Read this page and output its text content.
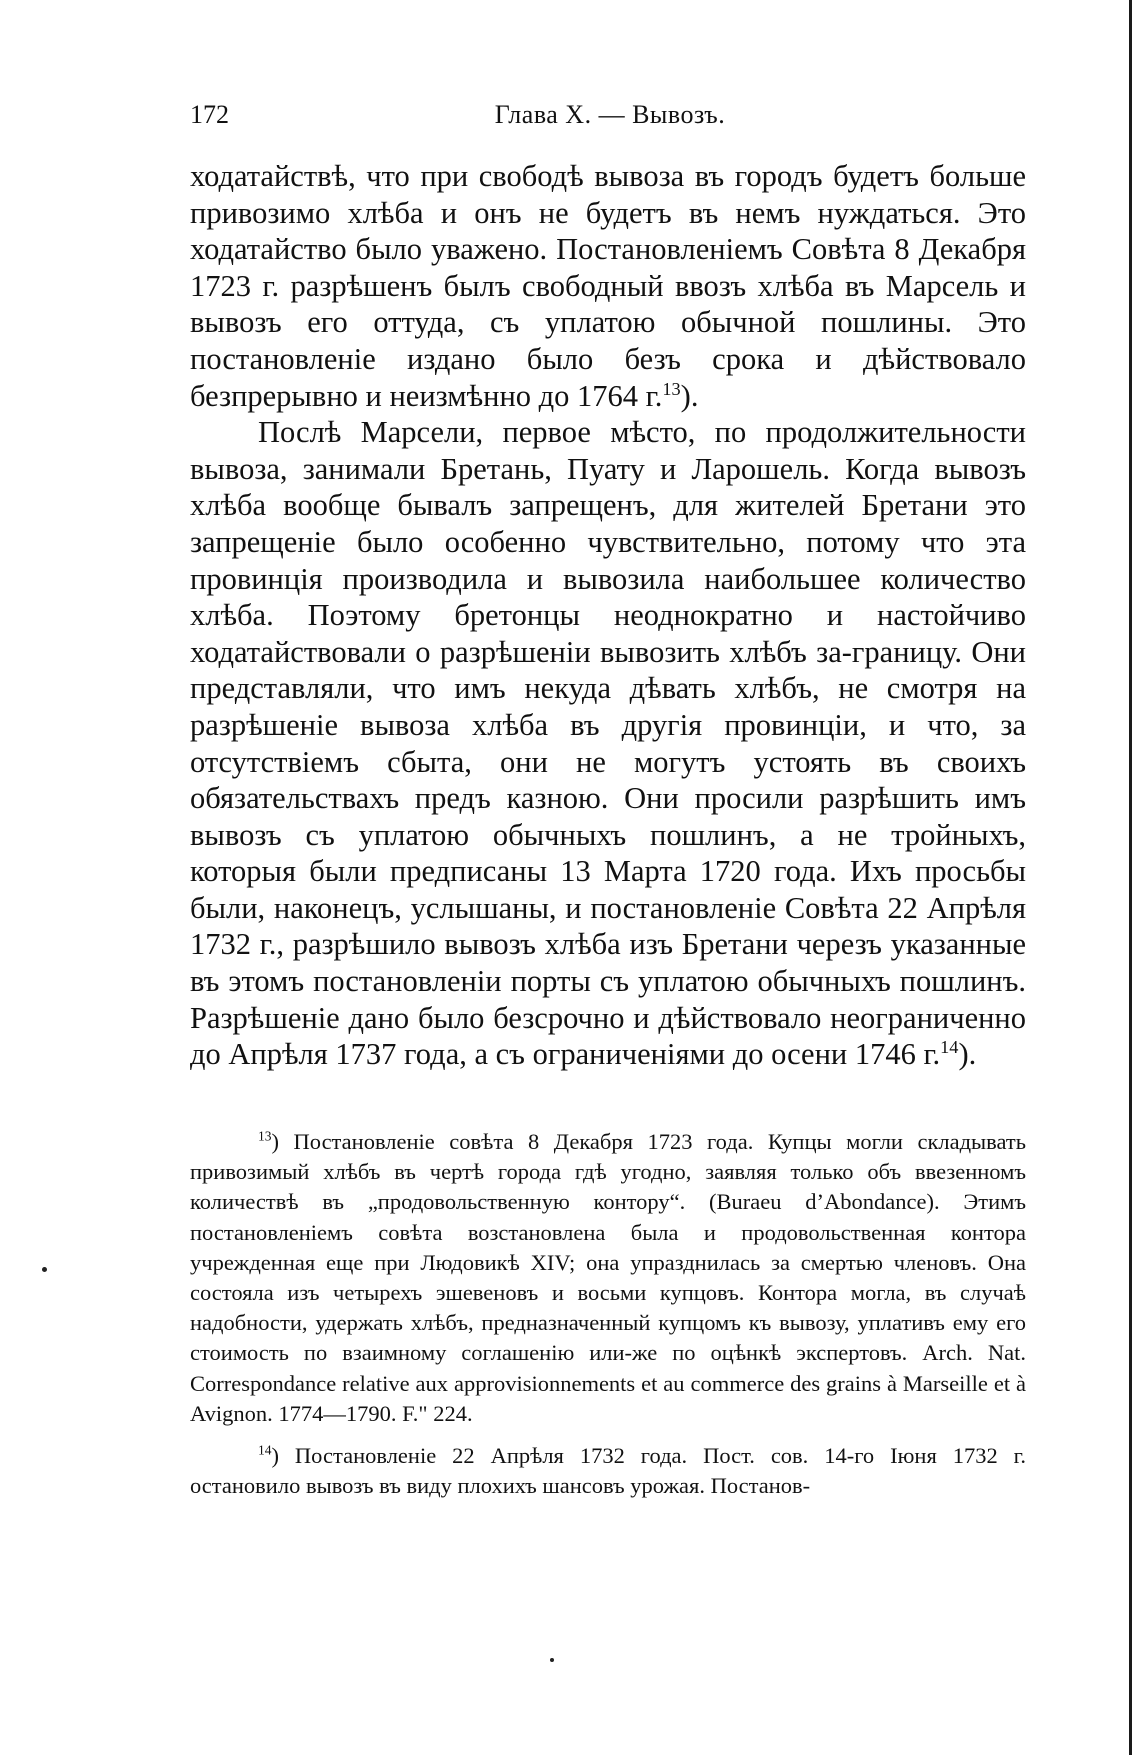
172	Глава X. — Вывозъ.

ходатайствѣ, что при свободѣ вывоза въ городъ будетъ больше привозимо хлѣба и онъ не будетъ въ немъ нуждаться. Это ходатайство было уважено. Постановленіемъ Совѣта 8 Декабря 1723 г. разрѣшенъ былъ свободный ввозъ хлѣба въ Марсель и вывозъ его оттуда, съ уплатою обычной пошлины. Это постановленіе издано было безъ срока и дѣйствовало безпрерывно и неизмѣнно до 1764 г.$^{13}$).

Послѣ Марсели, первое мѣсто, по продолжительности вывоза, занимали Бретань, Пуату и Ларошель. Когда вывозъ хлѣба вообще бывалъ запрещенъ, для жителей Бретани это запрещеніе было особенно чувствительно, потому что эта провинція производила и вывозила наибольшее количество хлѣба. Поэтому бретонцы неоднократно и настойчиво ходатайствовали о разрѣшеніи вывозить хлѣбъ за-границу. Они представляли, что имъ некуда дѣвать хлѣбъ, не смотря на разрѣшеніе вывоза хлѣба въ другія провинціи, и что, за отсутствіемъ сбыта, они не могутъ устоять въ своихъ обязательствахъ предъ казною. Они просили разрѣшить имъ вывозъ съ уплатою обычныхъ пошлинъ, а не тройныхъ, которыя были предписаны 13 Марта 1720 года. Ихъ просьбы были, наконецъ, услышаны, и постановленіе Совѣта 22 Апрѣля 1732 г., разрѣшило вывозъ хлѣба изъ Бретани черезъ указанные въ этомъ постановленіи порты съ уплатою обычныхъ пошлинъ. Разрѣшеніе дано было безсрочно и дѣйствовало неограниченно до Апрѣля 1737 года, а съ ограниченіями до осени 1746 г.$^{14}$).

$^{13}$) Постановленіе совѣта 8 Декабря 1723 года. Купцы могли складывать привозимый хлѣбъ въ чертѣ города гдѣ угодно, заявляя только объ ввезенномъ количествѣ въ „продовольственную контору“. (Buraeu d’Abondance). Этимъ постановленіемъ совѣта возстановлена была и продовольственная контора учрежденная еще при Людовикѣ XIV; она упразднилась за смертью членовъ. Она состояла изъ четырехъ эшевеновъ и восьми купцовъ. Контора могла, въ случаѣ надобности, удержать хлѣбъ, предназначенный купцомъ къ вывозу, уплативъ ему его стоимость по взаимному соглашенію или-же по оцѣнкѣ экспертовъ. Arch. Nat. Correspondance relative aux approvisionnements et au commerce des grains à Marseille et à Avignon. 1774—1790. F." 224.

$^{14}$) Постановленіе 22 Апрѣля 1732 года. Пост. сов. 14-го Іюня 1732 г. остановило вывозъ въ виду плохихъ шансовъ урожая. Постанов-
